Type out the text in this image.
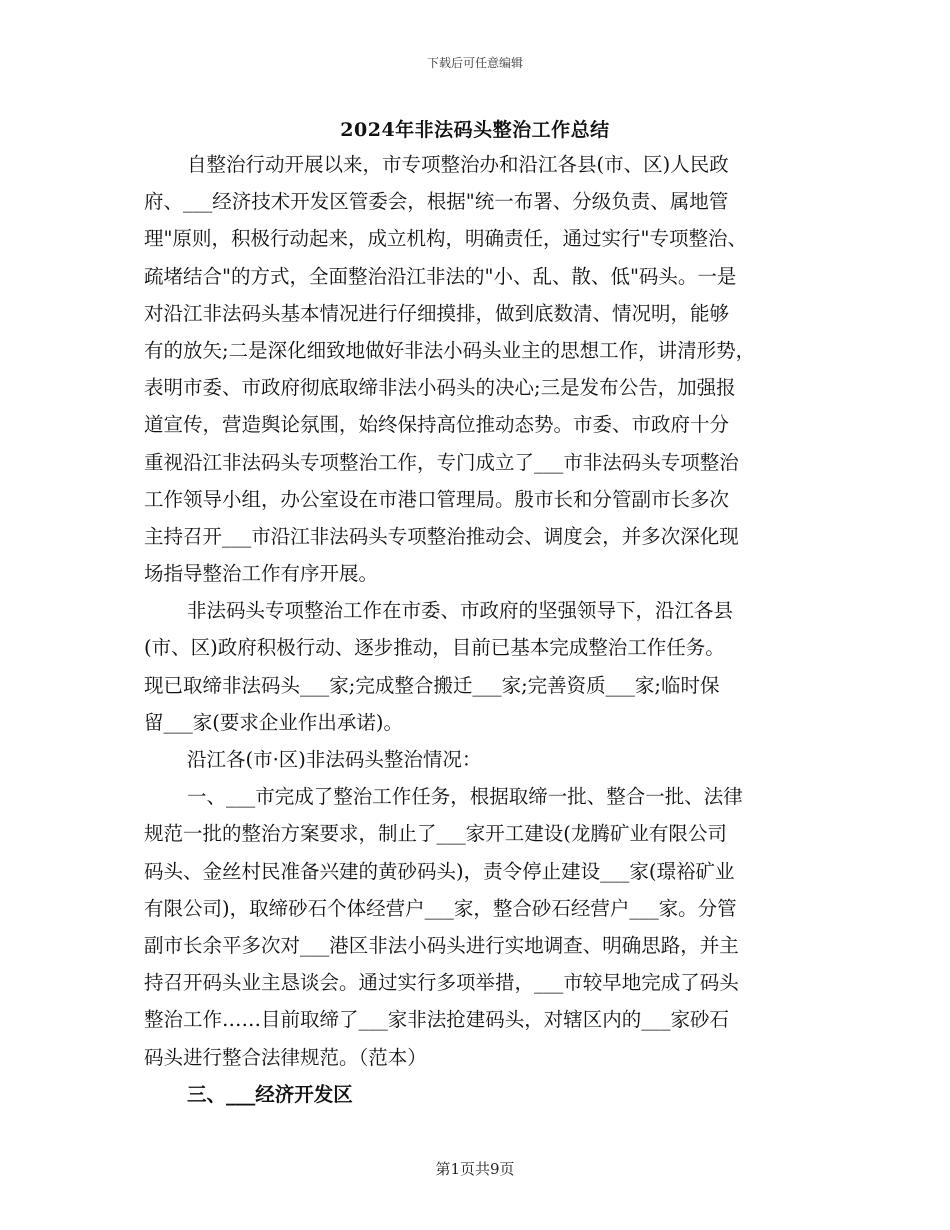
下载后可任意编辑
2024年非法码头整治工作总结
自整治行动开展以来，市专项整治办和沿江各县(市、区)人民政
府、___经济技术开发区管委会，根据"统一布署、分级负责、属地管
理"原则，积极行动起来，成立机构，明确责任，通过实行"专项整治、
疏堵结合"的方式，全面整治沿江非法的"小、乱、散、低"码头。一是
对沿江非法码头基本情况进行仔细摸排，做到底数清、情况明，能够
有的放矢;二是深化细致地做好非法小码头业主的思想工作，讲清形势，
表明市委、市政府彻底取缔非法小码头的决心;三是发布公告，加强报
道宣传，营造舆论氛围，始终保持高位推动态势。市委、市政府十分
重视沿江非法码头专项整治工作，专门成立了___市非法码头专项整治
工作领导小组，办公室设在市港口管理局。殷市长和分管副市长多次
主持召开___市沿江非法码头专项整治推动会、调度会，并多次深化现
场指导整治工作有序开展。
非法码头专项整治工作在市委、市政府的坚强领导下，沿江各县
(市、区)政府积极行动、逐步推动，目前已基本完成整治工作任务。
现已取缔非法码头___家;完成整合搬迁___家;完善资质___家;临时保
留___家(要求企业作出承诺)。
沿江各(市·区)非法码头整治情况：
一、___市完成了整治工作任务，根据取缔一批、整合一批、法律
规范一批的整治方案要求，制止了___家开工建设(龙腾矿业有限公司
码头、金丝村民准备兴建的黄砂码头)，责令停止建设___家(璟裕矿业
有限公司)，取缔砂石个体经营户___家，整合砂石经营户___家。分管
副市长余平多次对___港区非法小码头进行实地调查、明确思路，并主
持召开码头业主恳谈会。通过实行多项举措，___市较早地完成了码头
整治工作……目前取缔了___家非法抢建码头，对辖区内的___家砂石
码头进行整合法律规范。（范本）
三、___经济开发区
第1页共9页
